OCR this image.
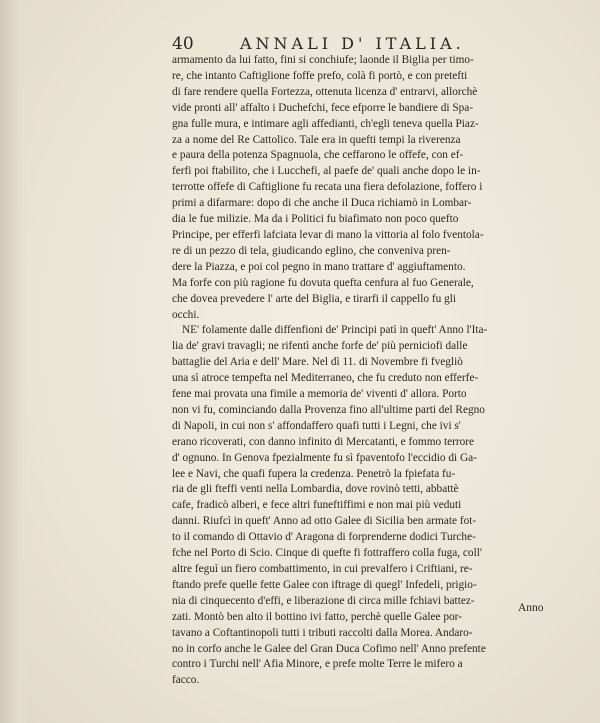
40	ANNALI D' ITALIA.
armamento da lui fatto, fini si conchiufe; laonde il Biglia per timo-
re, che intanto Caftiglione foffe prefo, colà fi portò, e con pretefti
di fare rendere quella Fortezza, ottenuta licenza d' entrarvi, allorchè
vide pronti all' affalto i Duchefchi, fece efporre le bandiere di Spa-
gna fulle mura, e intimare agli affedianti, ch'egli teneva quella Piaz-
za a nome del Re Cattolico. Tale era in quefti tempi la riverenza
e paura della potenza Spagnuola, che ceffarono le offefe, con ef-
ferfi poi ftabilito, che i Lucchefi, al paefe de' quali anche dopo le in-
terrotte offefe di Caftiglione fu recata una fiera defolazione, foffero i
primi a difarmare: dopo di che anche il Duca richiamò in Lombar-
dia le fue milizie. Ma da i Politici fu biafimato non poco quefto
Principe, per efferfi lafciata levar di mano la vittoria al folo fventola-
re di un pezzo di tela, giudicando eglino, che conveniva pren-
dere la Piazza, e poi col pegno in mano trattare d' aggiuftamento.
Ma forfe con più ragione fu dovuta quefta cenfura al fuo Generale,
che dovea prevedere l' arte del Biglia, e tirarfi il cappello fu gli
occhi.
NE' folamente dalle diffenfioni de' Principi patì in queft' Anno l'Ita-
lia de' gravi travagli; ne rifentì anche forfe de' più perniciofi dalle
battaglie del Aria e dell' Mare. Nel dì 11. di Novembre fi fvegliò
una sì atroce tempefta nel Mediterraneo, che fu creduto non efferfe-
fene mai provata una fimile a memoria de' viventi d' allora. Porto
non vi fu, cominciando dalla Provenza fino all'ultime parti del Regno
di Napoli, in cui non s' affondaffero quafi tutti i Legni, che ivi s'
erano ricoverati, con danno infinito di Mercatanti, e fommo terrore
d' ognuno. In Genova fpezialmente fu sì fpaventofo l'eccidio di Ga-
lee e Navi, che quafi fupera la credenza. Penetrò la fpiefata fu-
ria de gli fteffi venti nella Lombardia, dove rovinò tetti, abbattè
cafe, fradicò alberi, e fece altri funeftiffimi e non mai più veduti
danni. Riufcì in queft' Anno ad otto Galee di Sicilia ben armate fot-
to il comando di Ottavio d' Aragona di forprenderne dodici Turche-
fche nel Porto di Scio. Cinque di quefte fi fottraffero colla fuga, coll'
altre feguì un fiero combattimento, in cui prevalfero i Criftiani, re-
ftando prefe quelle fette Galee con iftrage di quegl' Infedeli, prigio-
nia di cinquecento d'effi, e liberazione di circa mille fchiavi battez-
zati. Montò ben alto il bottino ivi fatto, perchè quelle Galee por-
tavano a Coftantinopoli tutti i tributi raccolti dalla Morea. Andaro-
no in corfo anche le Galee del Gran Duca Cofimo nell' Anno prefente
contro i Turchi nell' Afia Minore, e prefe molte Terre le mifero a
facco.
Anno
